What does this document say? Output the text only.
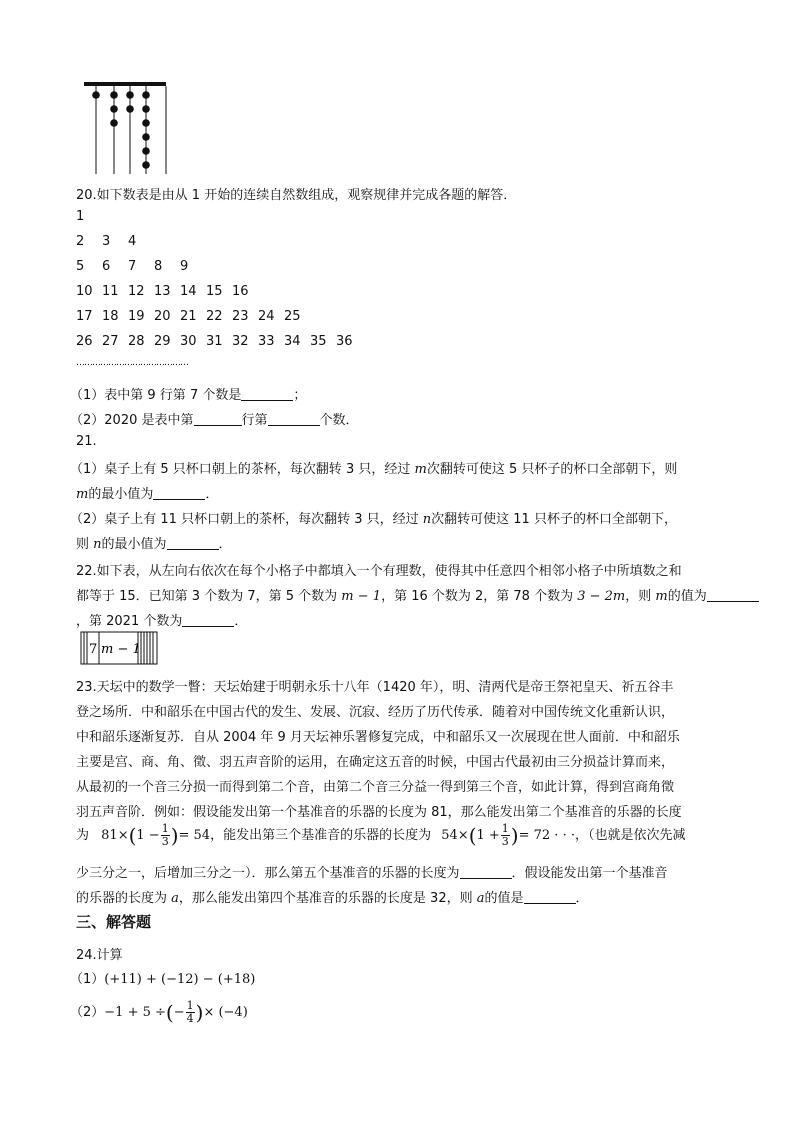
20.如下数表是由从 1 开始的连续自然数组成，观察规律并完成各题的解答．
1
2	3	4
5	6	7	8	9
10 11 12 13 14 15 16
17 18 19 20 21 22 23 24 25
26 27 28 29 30 31 32 33 34 35 36
……………………………………
（1）表中第 9 行第 7 个数是	；
（2）2020 是表中第	行第	个数．
21.
（1）桌子上有 5 只杯口朝上的茶杯，每次翻转 3 只，经过 m次翻转可使这 5 只杯子的杯口全部朝下，则
m的最小值为	．
（2）桌子上有 11 只杯口朝上的茶杯，每次翻转 3 只，经过 n次翻转可使这 11 只杯子的杯口全部朝下，
则 n的最小值为	．
22.如下表，从左向右依次在每个小格子中都填入一个有理数，使得其中任意四个相邻小格子中所填数之和
都等于 15．已知第 3 个数为 7，第 5 个数为 m − 1，第 16 个数为 2，第 78 个数为 3 − 2m，则 m的值为
，第 2021 个数为	．
7 m − 1
23.天坛中的数学一瞥：天坛始建于明朝永乐十八年（1420 年），明、清两代是帝王祭祀皇天、祈五谷丰
登之场所．中和韶乐在中国古代的发生、发展、沉寂、经历了历代传承．随着对中国传统文化重新认识，
中和韶乐逐渐复苏．自从 2004 年 9 月天坛神乐署修复完成，中和韶乐又一次展现在世人面前．中和韶乐
主要是宫、商、角、徵、羽五声音阶的运用，在确定这五音的时候，中国古代最初由三分损益计算而来，
从最初的一个音三分损一而得到第二个音，由第二个音三分益一得到第三个音，如此计算，得到宫商角徵
羽五声音阶．例如：假设能发出第一个基准音的乐器的长度为 81，那么能发出第二个基准音的乐器的长度
为 $81\times(1 - \frac{1}{3}$ )= 54，能发出第三个基准音的乐器的长度为 $54\times(1 + \frac{1}{3}$ )= 72 · · ·，（也就是依次先减
少三分之一，后增加三分之一）．那么第五个基准音的乐器的长度为	．假设能发出第一个基准音
的乐器的长度为 a，那么能发出第四个基准音的乐器的长度是 32，则 a的值是	．
三、解答题
24.计算
（1）(+11) + (−12) − (+18)
（2）−1 + 5 ÷(− $\frac{1}{4}$ )× (−4)
